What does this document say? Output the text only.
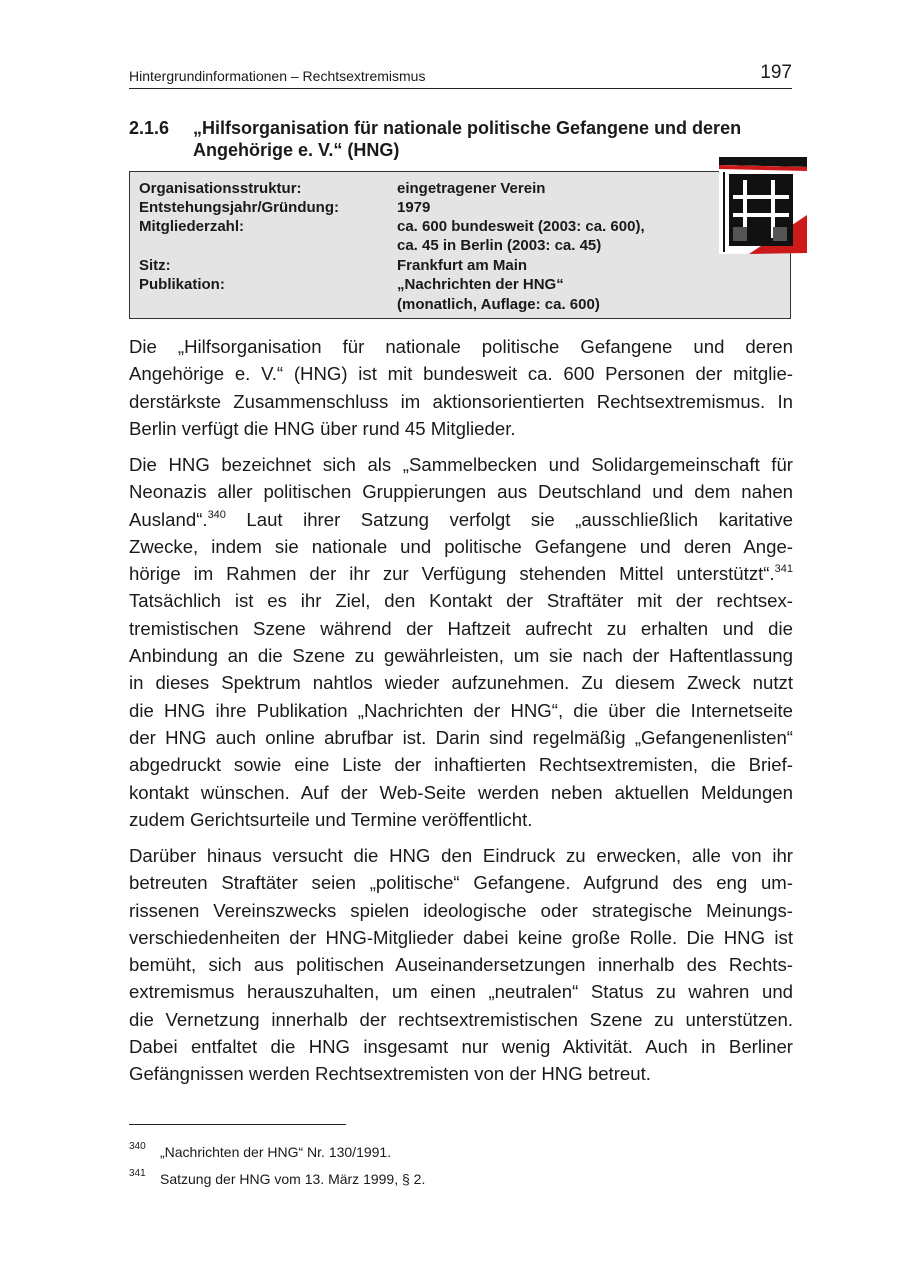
Hintergrundinformationen – Rechtsextremismus	197
2.1.6 „Hilfsorganisation für nationale politische Gefangene und deren Angehörige e. V.“ (HNG)
Organisationsstruktur:	eingetragener Verein
Entstehungsjahr/Gründung:	1979
Mitgliederzahl:	ca. 600 bundesweit (2003: ca. 600),
ca. 45 in Berlin (2003: ca. 45)
Sitz:	Frankfurt am Main
Publikation:	„Nachrichten der HNG“
(monatlich, Auflage: ca. 600)
Die „Hilfsorganisation für nationale politische Gefangene und deren
Angehörige e. V.“ (HNG) ist mit bundesweit ca. 600 Personen der mitglie-
derstärkste Zusammenschluss im aktionsorientierten Rechtsextremismus. In
Berlin verfügt die HNG über rund 45 Mitglieder.
Die HNG bezeichnet sich als „Sammelbecken und Solidargemeinschaft für
Neonazis aller politischen Gruppierungen aus Deutschland und dem nahen
Ausland“.$^{340}$ Laut ihrer Satzung verfolgt sie „ausschließlich karitative
Zwecke, indem sie nationale und politische Gefangene und deren Ange-
hörige im Rahmen der ihr zur Verfügung stehenden Mittel unterstützt“.$^{341}$
Tatsächlich ist es ihr Ziel, den Kontakt der Straftäter mit der rechtsex-
tremistischen Szene während der Haftzeit aufrecht zu erhalten und die
Anbindung an die Szene zu gewährleisten, um sie nach der Haftentlassung
in dieses Spektrum nahtlos wieder aufzunehmen. Zu diesem Zweck nutzt
die HNG ihre Publikation „Nachrichten der HNG“, die über die Internetseite
der HNG auch online abrufbar ist. Darin sind regelmäßig „Gefangenenlisten“
abgedruckt sowie eine Liste der inhaftierten Rechtsextremisten, die Brief-
kontakt wünschen. Auf der Web-Seite werden neben aktuellen Meldungen
zudem Gerichtsurteile und Termine veröffentlicht.
Darüber hinaus versucht die HNG den Eindruck zu erwecken, alle von ihr
betreuten Straftäter seien „politische“ Gefangene. Aufgrund des eng um-
rissenen Vereinszwecks spielen ideologische oder strategische Meinungs-
verschiedenheiten der HNG-Mitglieder dabei keine große Rolle. Die HNG ist
bemüht, sich aus politischen Auseinandersetzungen innerhalb des Rechts-
extremismus herauszuhalten, um einen „neutralen“ Status zu wahren und
die Vernetzung innerhalb der rechtsextremistischen Szene zu unterstützen.
Dabei entfaltet die HNG insgesamt nur wenig Aktivität. Auch in Berliner
Gefängnissen werden Rechtsextremisten von der HNG betreut.
340 „Nachrichten der HNG“ Nr. 130/1991.
341 Satzung der HNG vom 13. März 1999, § 2.
